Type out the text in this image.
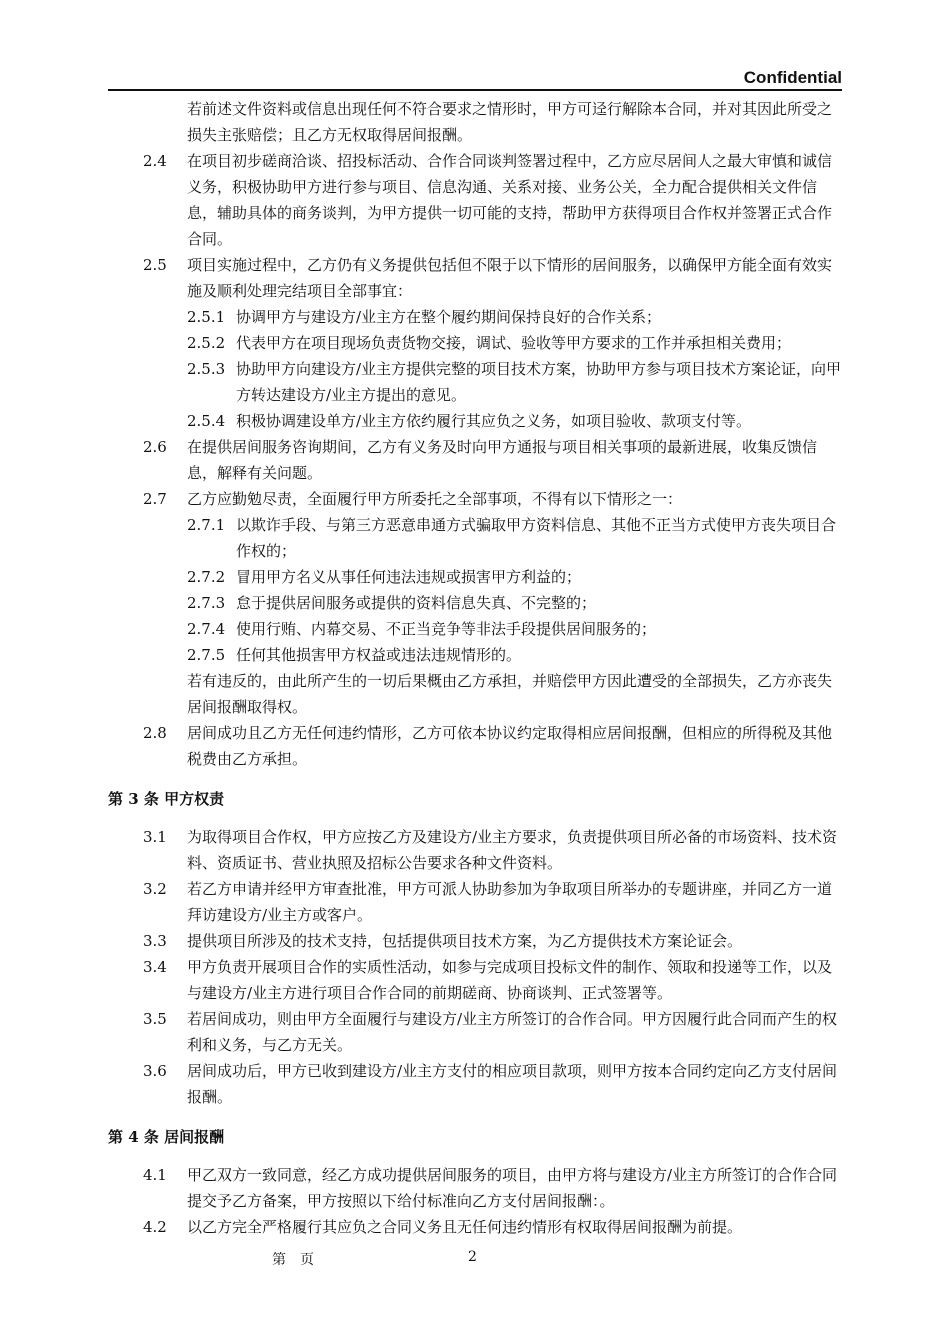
Confidential

若前述文件资料或信息出现任何不符合要求之情形时，甲方可迳行解除本合同，并对其因此所受之损失主张赔偿；且乙方无权取得居间报酬。

2.4 在项目初步磋商洽谈、招投标活动、合作合同谈判签署过程中，乙方应尽居间人之最大审慎和诚信义务，积极协助甲方进行参与项目、信息沟通、关系对接、业务公关，全力配合提供相关文件信息，辅助具体的商务谈判，为甲方提供一切可能的支持，帮助甲方获得项目合作权并签署正式合作合同。
2.5 项目实施过程中，乙方仍有义务提供包括但不限于以下情形的居间服务，以确保甲方能全面有效实施及顺利处理完结项目全部事宜：
2.5.1 协调甲方与建设方/业主方在整个履约期间保持良好的合作关系；
2.5.2 代表甲方在项目现场负责货物交接，调试、验收等甲方要求的工作并承担相关费用；
2.5.3 协助甲方向建设方/业主方提供完整的项目技术方案，协助甲方参与项目技术方案论证，向甲方转达建设方/业主方提出的意见。
2.5.4 积极协调建设单方/业主方依约履行其应负之义务，如项目验收、款项支付等。
2.6 在提供居间服务咨询期间，乙方有义务及时向甲方通报与项目相关事项的最新进展，收集反馈信息，解释有关问题。
2.7 乙方应勤勉尽责，全面履行甲方所委托之全部事项，不得有以下情形之一：
2.7.1 以欺诈手段、与第三方恶意串通方式骗取甲方资料信息、其他不正当方式使甲方丧失项目合作权的；
2.7.2 冒用甲方名义从事任何违法违规或损害甲方利益的；
2.7.3 怠于提供居间服务或提供的资料信息失真、不完整的；
2.7.4 使用行贿、内幕交易、不正当竞争等非法手段提供居间服务的；
2.7.5 任何其他损害甲方权益或违法违规情形的。

若有违反的，由此所产生的一切后果概由乙方承担，并赔偿甲方因此遭受的全部损失，乙方亦丧失居间报酬取得权。

2.8 居间成功且乙方无任何违约情形，乙方可依本协议约定取得相应居间报酬，但相应的所得税及其他税费由乙方承担。
第 3 条 甲方权责
3.1 为取得项目合作权，甲方应按乙方及建设方/业主方要求，负责提供项目所必备的市场资料、技术资料、资质证书、营业执照及招标公告要求各种文件资料。
3.2 若乙方申请并经甲方审查批准，甲方可派人协助参加为争取项目所举办的专题讲座，并同乙方一道拜访建设方/业主方或客户。
3.3 提供项目所涉及的技术支持，包括提供项目技术方案，为乙方提供技术方案论证会。
3.4 甲方负责开展项目合作的实质性活动，如参与完成项目投标文件的制作、领取和投递等工作，以及与建设方/业主方进行项目合作合同的前期磋商、协商谈判、正式签署等。
3.5 若居间成功，则由甲方全面履行与建设方/业主方所签订的合作合同。甲方因履行此合同而产生的权利和义务，与乙方无关。
3.6 居间成功后，甲方已收到建设方/业主方支付的相应项目款项，则甲方按本合同约定向乙方支付居间报酬。
第 4 条 居间报酬
4.1 甲乙双方一致同意，经乙方成功提供居间服务的项目，由甲方将与建设方/业主方所签订的合作合同提交予乙方备案，甲方按照以下给付标准向乙方支付居间报酬：。
4.2 以乙方完全严格履行其应负之合同义务且无任何违约情形有权取得居间报酬为前提。
第　页	2
